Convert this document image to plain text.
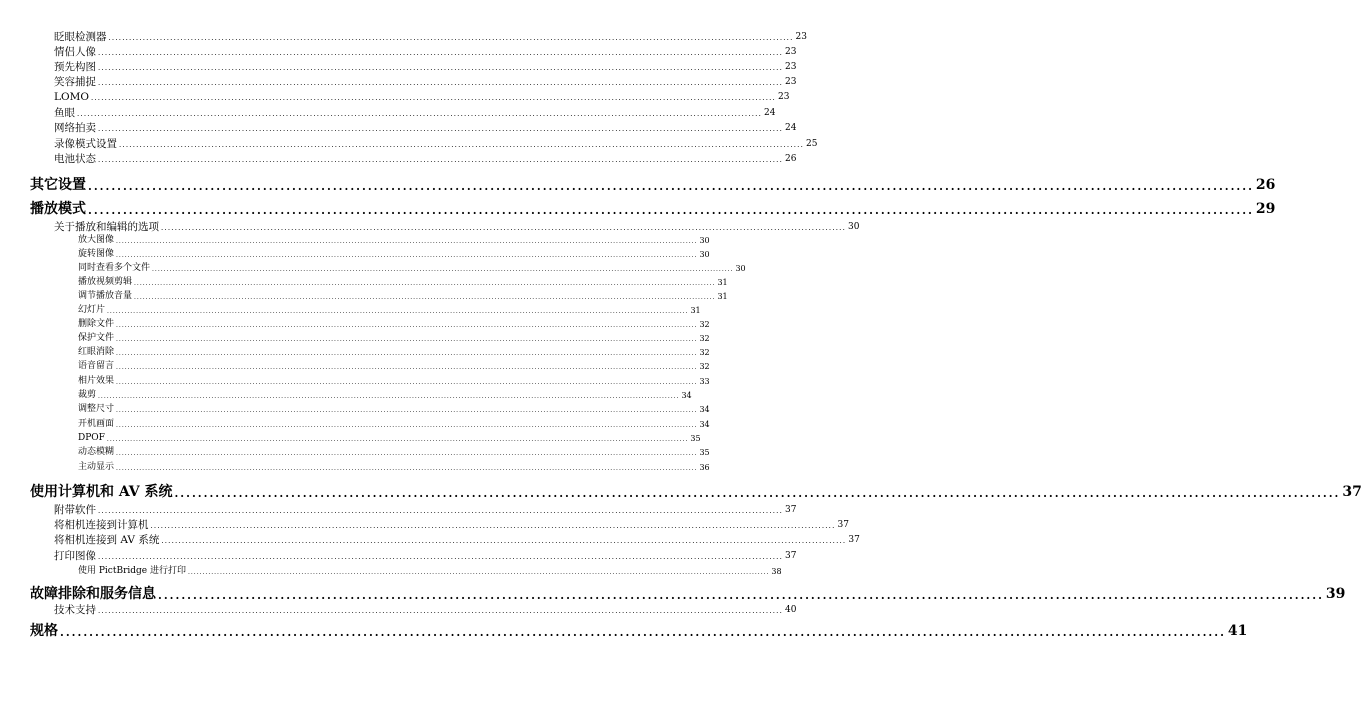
眨眼检测器 ........................................................................................................................................................................................................ 23
情侣人像 ........................................................................................................................................................................................................ 23
预先构图 ........................................................................................................................................................................................................ 23
笑容捕捉 ........................................................................................................................................................................................................ 23
LOMO ........................................................................................................................................................................................................ 23
鱼眼 ........................................................................................................................................................................................................ 24
网络拍卖 ........................................................................................................................................................................................................ 24
录像模式设置 ........................................................................................................................................................................................................ 25
电池状态 ........................................................................................................................................................................................................ 26
其它设置 ........................................................................................................................................................................................................ 26
播放模式 ........................................................................................................................................................................................................ 29
关于播放和编辑的选项 ........................................................................................................................................................................................................ 30
放大图像 ........................................................................................................................................................................................................ 30
旋转图像 ........................................................................................................................................................................................................ 30
同时查看多个文件 ........................................................................................................................................................................................................ 30
播放视频剪辑 ........................................................................................................................................................................................................ 31
调节播放音量 ........................................................................................................................................................................................................ 31
幻灯片 ........................................................................................................................................................................................................ 31
删除文件 ........................................................................................................................................................................................................ 32
保护文件 ........................................................................................................................................................................................................ 32
红眼消除 ........................................................................................................................................................................................................ 32
语音留言 ........................................................................................................................................................................................................ 32
相片效果 ........................................................................................................................................................................................................ 33
裁剪 ........................................................................................................................................................................................................ 34
调整尺寸 ........................................................................................................................................................................................................ 34
开机画面 ........................................................................................................................................................................................................ 34
DPOF ........................................................................................................................................................................................................ 35
动态模糊 ........................................................................................................................................................................................................ 35
主动显示 ........................................................................................................................................................................................................ 36
使用计算机和 AV 系统 ........................................................................................................................................................................................................ 37
附带软件 ........................................................................................................................................................................................................ 37
将相机连接到计算机 ........................................................................................................................................................................................................ 37
将相机连接到 AV 系统 ........................................................................................................................................................................................................ 37
打印图像 ........................................................................................................................................................................................................ 37
使用 PictBridge 进行打印 ........................................................................................................................................................................................................ 38
故障排除和服务信息 ........................................................................................................................................................................................................ 39
技术支持 ........................................................................................................................................................................................................ 40
规格 ........................................................................................................................................................................................................ 41
